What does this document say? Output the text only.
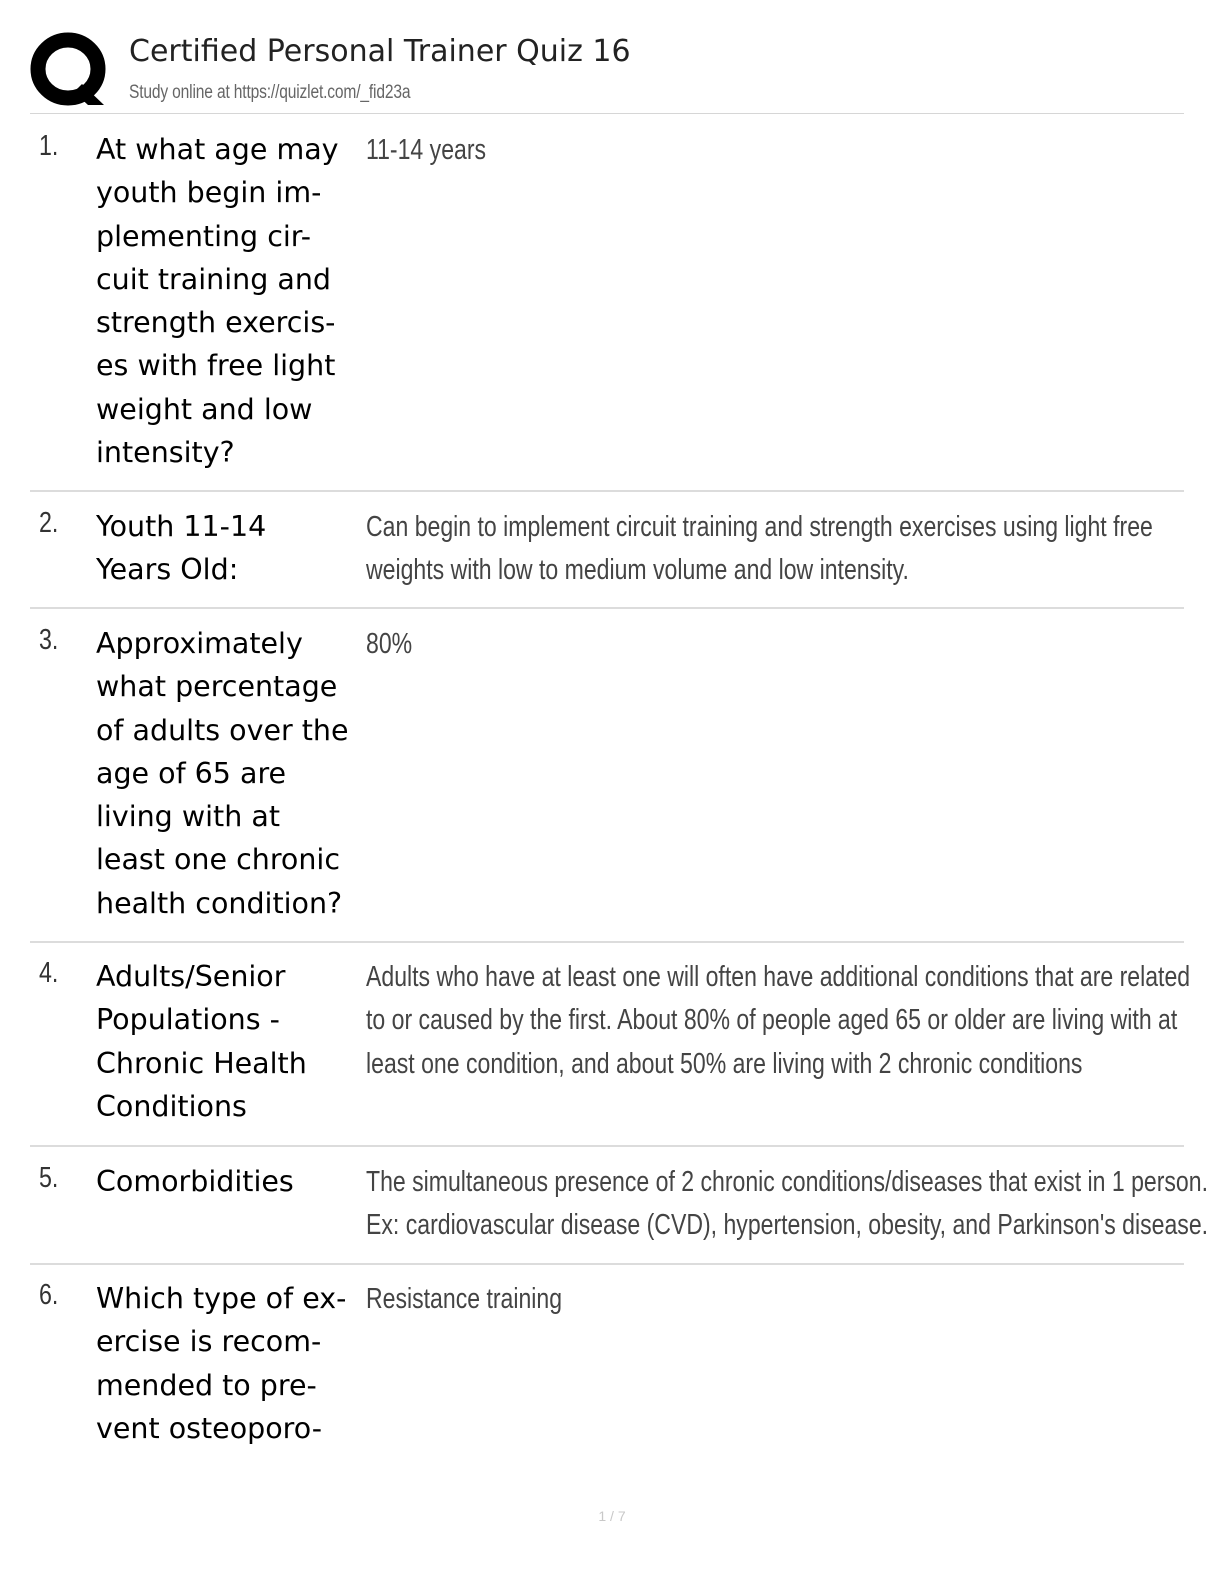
Certified Personal Trainer Quiz 16
Study online at https://quizlet.com/_fid23a
1. At what age may
youth begin im-
plementing cir-
cuit training and
strength exercis-
es with free light
weight and low
intensity?
11-14 years
2. Youth 11-14
Years Old:
Can begin to implement circuit training and strength exercises using light free
weights with low to medium volume and low intensity.
3. Approximately
what percentage
of adults over the
age of 65 are
living with at
least one chronic
health condition?
80%
4. Adults/Senior
Populations -
Chronic Health
Conditions
Adults who have at least one will often have additional conditions that are related
to or caused by the first. About 80% of people aged 65 or older are living with at
least one condition, and about 50% are living with 2 chronic conditions
5. Comorbidities	The simultaneous presence of 2 chronic conditions/diseases that exist in 1 person.
Ex: cardiovascular disease (CVD), hypertension, obesity, and Parkinson's disease.
6. Which type of ex-
ercise is recom-
mended to pre-
vent osteoporo-
Resistance training
1 / 7
